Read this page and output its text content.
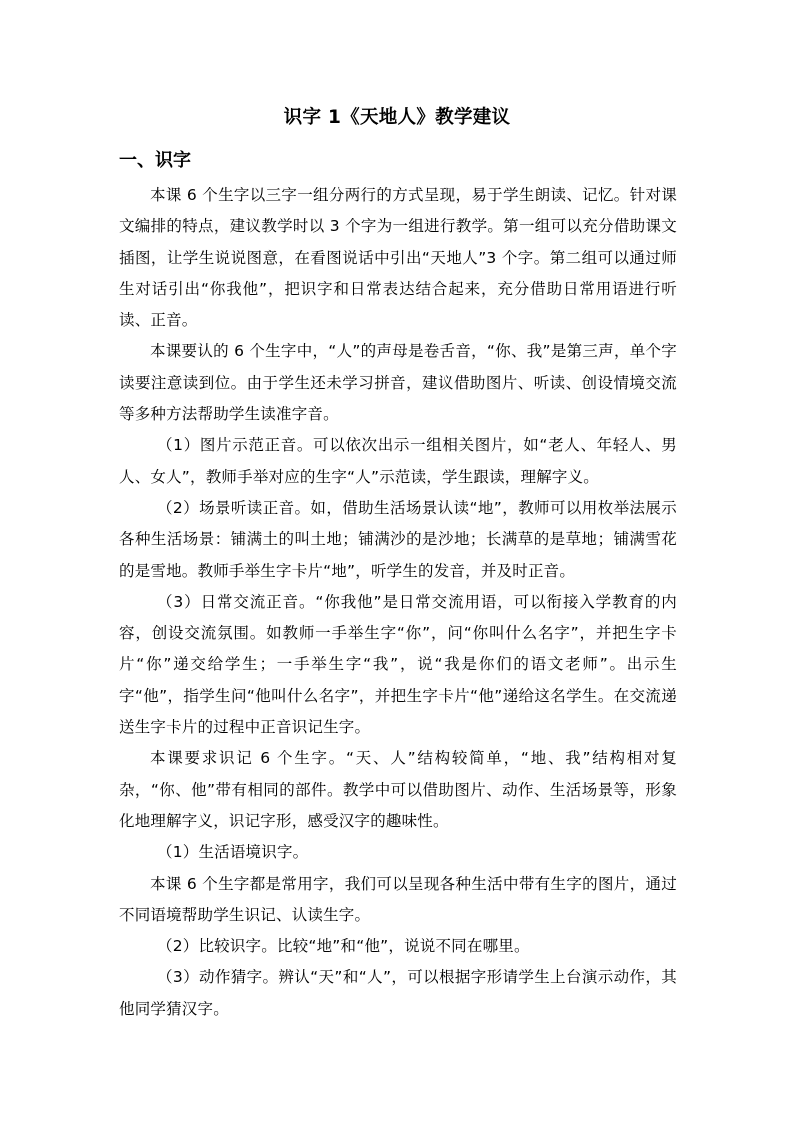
识字 1《天地人》教学建议
一、识字

本课 6 个生字以三字一组分两行的方式呈现，易于学生朗读、记忆。针对课文编排的特点，建议教学时以 3 个字为一组进行教学。第一组可以充分借助课文插图，让学生说说图意，在看图说话中引出“天地人”3 个字。第二组可以通过师生对话引出“你我他”，把识字和日常表达结合起来，充分借助日常用语进行听读、正音。

本课要认的 6 个生字中，“人”的声母是卷舌音，“你、我”是第三声，单个字读要注意读到位。由于学生还未学习拼音，建议借助图片、听读、创设情境交流等多种方法帮助学生读准字音。

（1）图片示范正音。可以依次出示一组相关图片，如“老人、年轻人、男人、女人”，教师手举对应的生字“人”示范读，学生跟读，理解字义。

（2）场景听读正音。如，借助生活场景认读“地”，教师可以用枚举法展示各种生活场景：铺满土的叫土地；铺满沙的是沙地；长满草的是草地；铺满雪花的是雪地。教师手举生字卡片“地”，听学生的发音，并及时正音。

（3）日常交流正音。“你我他”是日常交流用语，可以衔接入学教育的内容，创设交流氛围。如教师一手举生字“你”，问“你叫什么名字”，并把生字卡片“你”递交给学生；一手举生字“我”，说“我是你们的语文老师”。出示生字“他”，指学生问“他叫什么名字”，并把生字卡片“他”递给这名学生。在交流递送生字卡片的过程中正音识记生字。

本课要求识记 6 个生字。“天、人”结构较简单，“地、我”结构相对复杂，“你、他”带有相同的部件。教学中可以借助图片、动作、生活场景等，形象化地理解字义，识记字形，感受汉字的趣味性。

（1）生活语境识字。

本课 6 个生字都是常用字，我们可以呈现各种生活中带有生字的图片，通过不同语境帮助学生识记、认读生字。

（2）比较识字。比较“地”和“他”，说说不同在哪里。

（3）动作猜字。辨认“天”和“人”，可以根据字形请学生上台演示动作，其他同学猜汉字。
